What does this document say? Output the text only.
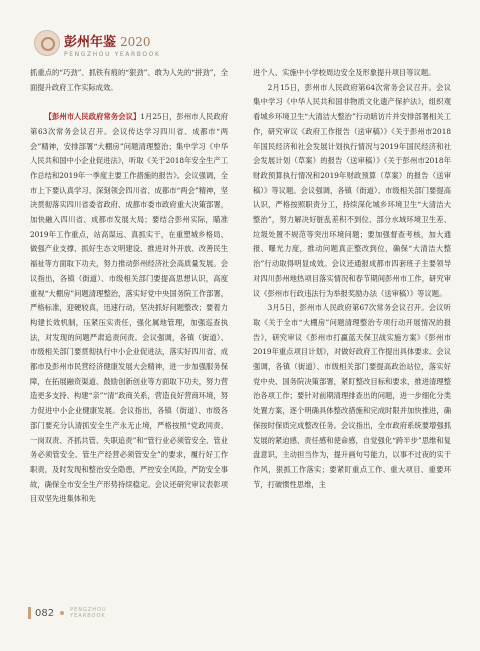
彭州年鉴 2020
PENGZHOU YEARBOOK

抓重点的“巧劲”、抓铁有痕的“狠劲”、敢为人先的“拼劲”，全面提升政府工作实际成效。

【彭州市人民政府常务会议】1月25日，彭州市人民政府第63次常务会议召开。会议传达学习四川省、成都市“两会”精神，安排部署“大棚房”问题清理整治；集中学习《中华人民共和国中小企业促进法》，听取《关于2018年安全生产工作总结和2019年一季度主要工作措施的报告》。会议强调，全市上下要认真学习、深刻领会四川省、成都市“两会”精神，坚决贯彻落实四川省委省政府、成都市委市政府重大决策部署，加快融入四川省、成都市发展大局；要结合彭州实际，瞄准2019年工作重点，站高谋远、真抓实干，在重塑城乡格局、做强产业支撑、抓好生态文明建设、推进对外开放、改善民生福祉等方面取下功夫，努力推动彭州经济社会高质量发展。会议指出，各镇（街道）、市级相关部门要提高思想认识，高度重视“大棚房”问题清理整治，落实好党中央国务院工作部署，严格标准，迎硬较真，迅速行动，坚决抓好问题整改；要着力构建长效机制，压紧压实责任，强化属地管理，加强巡查执法，对发现的问题严肃追责问责。会议强调，各镇（街道）、市级相关部门要贯彻执行中小企业促进法，落实好四川省、成都市及彭州市民营经济健康发展大会精神，进一步加强服务保障，在拓展融资渠道、鼓励创新创业等方面取下功夫，努力营造更多支持、构建“亲”“清”政商关系，营造良好营商环境，努力促进中小企业健康发展。会议指出，各镇（街道）、市级各部门要充分认清抓安全生产永无止境，严格按照“党政同责、一岗双责、齐抓共管、失职追责”和“管行业必须管安全、管业务必须管安全、管生产经营必须管安全”的要求，履行好工作职责，及时发现和整治安全隐患，严控安全风险，严防安全事故，确保全市安全生产形势持续稳定。会议还研究审议表彰项目双坚先进集体和先

进个人、实施中小学校周边安全及形象提升项目等议题。

2月15日，彭州市人民政府第64次常务会议召开。会议集中学习《中华人民共和国非物质文化遗产保护法》，组织观看城乡环境卫生“大清洁大整治”行动暗访片并安排部署相关工作，研究审议《政府工作报告（送审稿）》《关于彭州市2018年国民经济和社会发展计划执行情况与2019年国民经济和社会发展计划（草案）的报告（送审稿）》《关于彭州市2018年财政预算执行情况和2019年财政预算（草案）的报告（送审稿）》等议题。会议强调，各镇（街道）、市级相关部门要提高认识，严格按照职责分工，持续深化城乡环境卫生“大清洁大整治”，努力解决好脏乱差积不到位、部分水域环境卫生差、垃圾处置不规范等突出环境问题；要加强督查考核，加大通报、曝光力度，推动问题真正整改到位，确保“大清洁大整治”行动取得明显成效。会议还通报成都市四套班子主要领导对四川彭州地热项目落实情况和春节期间彭州市工作，研究审议《彭州市行政违法行为举报奖励办法（送审稿）》等议题。

3月5日，彭州市人民政府第67次常务会议召开。会议听取《关于全市“大棚房”问题清理整治专项行动开展情况的报告》，研究审议《彭州市打赢蓝天保卫战实施方案》《彭州市2019年重点项目计划》，对做好政府工作提出具体要求。会议强调，各镇（街道）、市级相关部门要提高政治站位，落实好党中央、国务院决策部署，紧盯整改目标和要求，推进清理整治各项工作；要针对前期清理排查出的问题，进一步细化分类处置方案，逐个明确具体整改措施和完成时限并加快推进，确保按时保质完成整改任务。会议指出，全市政府系统要增强抓发展的紧迫感、责任感和使命感，自觉强化“跨半步”思维和复盘意识，主动担当作为，提升画句号能力，以事不过夜的实干作风，狠抓工作落实；要紧盯重点工作、重大项目、重要环节，打破惯性思维，主

082	PENGZHOU
YEARBOOK
